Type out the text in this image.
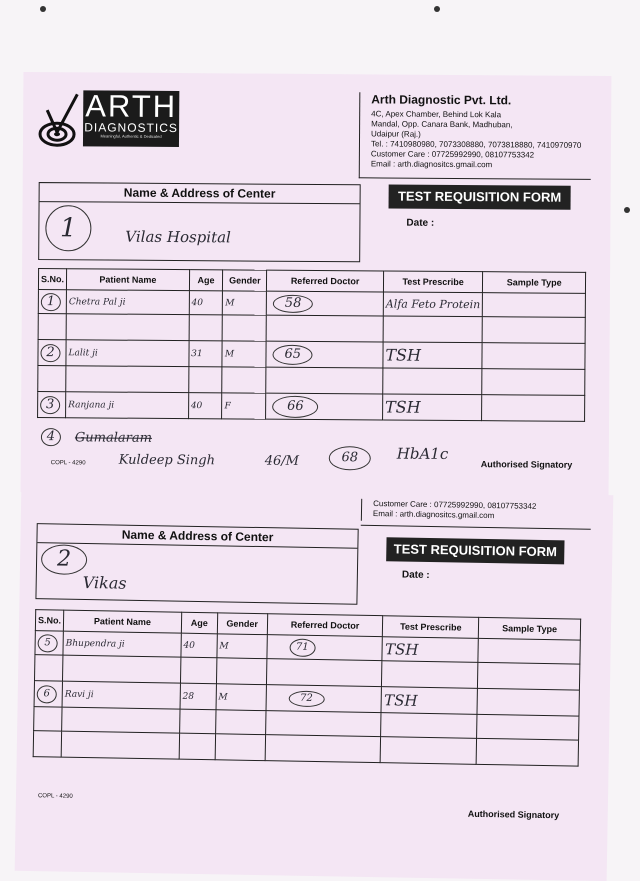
ARTH
DIAGNOSTICS
Meaningful, Authentic & Dedicated
Arth Diagnostic Pvt. Ltd.
4C, Apex Chamber, Behind Lok Kala
Mandal, Opp. Canara Bank, Madhuban,
Udaipur (Raj.)
Tel. : 7410980980, 7073308880, 7073818880, 7410970970
Customer Care : 07725992990, 08107753342
Email : arth.diagnositcs.gmail.com
Name & Address of Center
1	Vilas Hospital
TEST REQUISITION FORM
Date :
S.No.	Patient Name	Age	Gender	Referred Doctor	Test Prescribe	Sample Type
1	Chetra Pal ji	40	M	58	Alfa Feto Protein	

2	Lalit ji	31	M	65	TSH	

3	Ranjana ji	40	F	66	TSH	
4	Gumalaram
Kuldeep Singh	46/M	68	HbA1c
COPL - 4290	Authorised Signatory
Customer Care : 07725992990, 08107753342
Email : arth.diagnositcs.gmail.com
Name & Address of Center
2
Vikas
TEST REQUISITION FORM
Date :
S.No.	Patient Name	Age	Gender	Referred Doctor	Test Prescribe	Sample Type
5	Bhupendra ji	40	M	71	TSH	

6	Ravi ji	28	M	72	TSH	

COPL - 4290
Authorised Signatory
